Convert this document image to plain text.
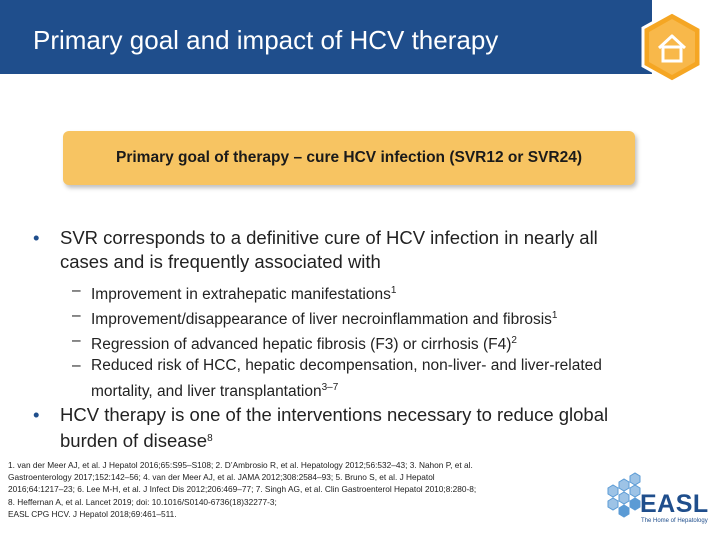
Primary goal and impact of HCV therapy
Primary goal of therapy – cure HCV infection (SVR12 or SVR24)
• SVR corresponds to a definitive cure of HCV infection in nearly all
cases and is frequently associated with
– Improvement in extrahepatic manifestations$^1$
– Improvement/disappearance of liver necroinflammation and fibrosis$^1$
– Regression of advanced hepatic fibrosis (F3) or cirrhosis $(F4)^2$
– Reduced risk of HCC, hepatic decompensation, non-liver- and liver-related
mortality, and liver transplantation$^{3-7}$
• HCV therapy is one of the interventions necessary to reduce global
burden of disease$^8$
1. van der Meer AJ, et al. J Hepatol 2016;65:S95–S108; 2. D’Ambrosio R, et al. Hepatology 2012;56:532–43; 3. Nahon P, et al.
Gastroenterology 2017;152:142–56; 4. van der Meer AJ, et al. JAMA 2012;308:2584–93; 5. Bruno S, et al. J Hepatol
2016;64:1217–23; 6. Lee M-H, et al. J Infect Dis 2012;206:469–77; 7. Singh AG, et al. Clin Gastroenterol Hepatol 2010;8:280-8;
8. Heffernan A, et al. Lancet 2019; doi: 10.1016/S0140-6736(18)32277-3;
EASL CPG HCV. J Hepatol 2018;69:461–511.	EASL
The Home of Hepatology
